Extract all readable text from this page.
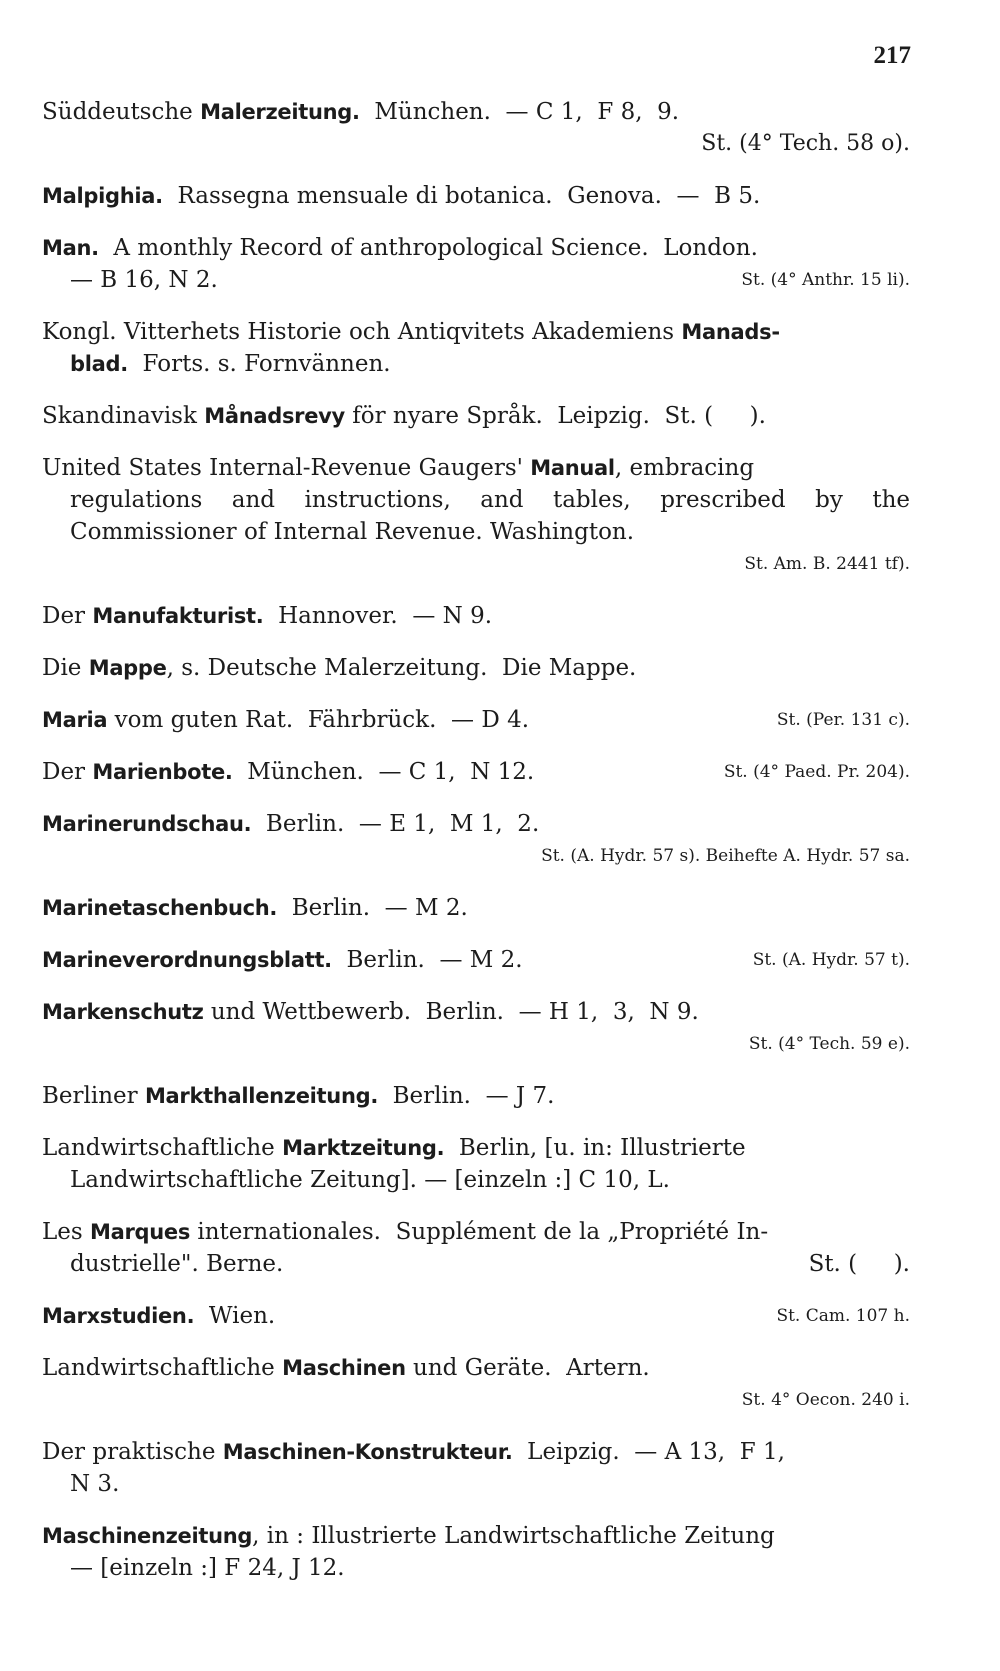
217
Süddeutsche Malerzeitung.  München.  — C 1,  F 8,  9.
St. (4° Tech. 58 o).
Malpighia.  Rassegna mensuale di botanica.  Genova.  —  B 5.
Man.  A monthly Record of anthropological Science.  London.
— B 16, N 2.	St. (4° Anthr. 15 li).
Kongl. Vitterhets Historie och Antiqvitets Akademiens Manads-
blad.  Forts. s. Fornvännen.
Skandinavisk Månadsrevy för nyare Språk.  Leipzig.  St. (     ).
United States Internal-Revenue Gaugers' Manual, embracing
regulations and instructions, and tables, prescribed by the
Commissioner of Internal Revenue. Washington.
St. Am. B. 2441 tf).
Der Manufakturist.  Hannover.  — N 9.
Die Mappe, s. Deutsche Malerzeitung.  Die Mappe.
Maria vom guten Rat.  Fährbrück.  — D 4.	St. (Per. 131 c).
Der Marienbote.  München.  — C 1,  N 12.	St. (4° Paed. Pr. 204).
Marinerundschau.  Berlin.  — E 1,  M 1,  2.
St. (A. Hydr. 57 s). Beihefte A. Hydr. 57 sa.
Marinetaschenbuch.  Berlin.  — M 2.
Marineverordnungsblatt.  Berlin.  — M 2.	St. (A. Hydr. 57 t).
Markenschutz und Wettbewerb.  Berlin.  — H 1,  3,  N 9.
St. (4° Tech. 59 e).
Berliner Markthallenzeitung.  Berlin.  — J 7.
Landwirtschaftliche Marktzeitung.  Berlin, [u. in: Illustrierte
Landwirtschaftliche Zeitung]. — [einzeln :] C 10, L.
Les Marques internationales.  Supplément de la „Propriété In-
dustrielle". Berne.	St. (     ).
Marxstudien.  Wien.	St. Cam. 107 h.
Landwirtschaftliche Maschinen und Geräte.  Artern.
St. 4° Oecon. 240 i.
Der praktische Maschinen-Konstrukteur.  Leipzig.  — A 13,  F 1,
N 3.
Maschinenzeitung, in : Illustrierte Landwirtschaftliche Zeitung
— [einzeln :] F 24, J 12.
